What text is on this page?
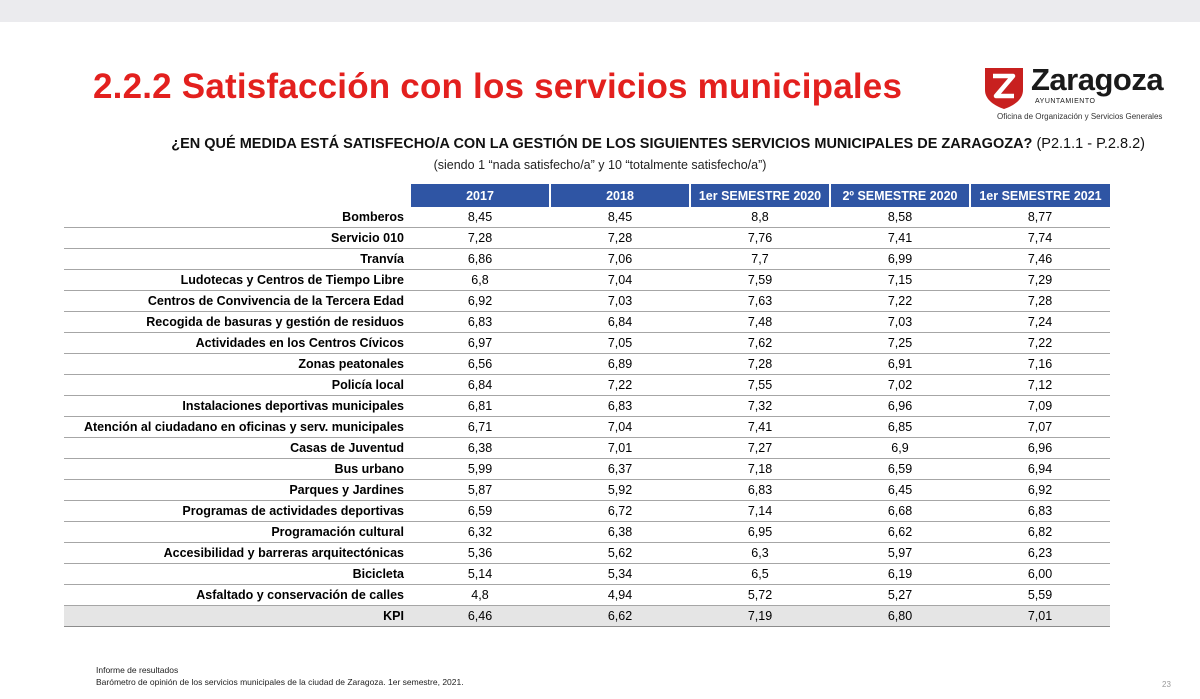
2.2.2 Satisfacción con los servicios municipales	Zaragoza
AYUNTAMIENTO
Oficina de Organización y Servicios Generales

¿EN QUÉ MEDIDA ESTÁ SATISFECHO/A CON LA GESTIÓN DE LOS SIGUIENTES SERVICIOS MUNICIPALES DE ZARAGOZA? (P2.1.1 - P.2.8.2)

(siendo 1 “nada satisfecho/a” y 10 “totalmente satisfecho/a”)

	2017	2018	1er SEMESTRE 2020	2º SEMESTRE 2020	1er SEMESTRE 2021
Bomberos	8,45	8,45	8,8	8,58	8,77
Servicio 010	7,28	7,28	7,76	7,41	7,74
Tranvía	6,86	7,06	7,7	6,99	7,46
Ludotecas y Centros de Tiempo Libre	6,8	7,04	7,59	7,15	7,29
Centros de Convivencia de la Tercera Edad	6,92	7,03	7,63	7,22	7,28
Recogida de basuras y gestión de residuos	6,83	6,84	7,48	7,03	7,24
Actividades en los Centros Cívicos	6,97	7,05	7,62	7,25	7,22
Zonas peatonales	6,56	6,89	7,28	6,91	7,16
Policía local	6,84	7,22	7,55	7,02	7,12
Instalaciones deportivas municipales	6,81	6,83	7,32	6,96	7,09
Atención al ciudadano en oficinas y serv. municipales	6,71	7,04	7,41	6,85	7,07
Casas de Juventud	6,38	7,01	7,27	6,9	6,96
Bus urbano	5,99	6,37	7,18	6,59	6,94
Parques y Jardines	5,87	5,92	6,83	6,45	6,92
Programas de actividades deportivas	6,59	6,72	7,14	6,68	6,83
Programación cultural	6,32	6,38	6,95	6,62	6,82
Accesibilidad y barreras arquitectónicas	5,36	5,62	6,3	5,97	6,23
Bicicleta	5,14	5,34	6,5	6,19	6,00
Asfaltado y conservación de calles	4,8	4,94	5,72	5,27	5,59
KPI	6,46	6,62	7,19	6,80	7,01
Informe de resultados
Barómetro de opinión de los servicios municipales de la ciudad de Zaragoza. 1er semestre, 2021.	23
